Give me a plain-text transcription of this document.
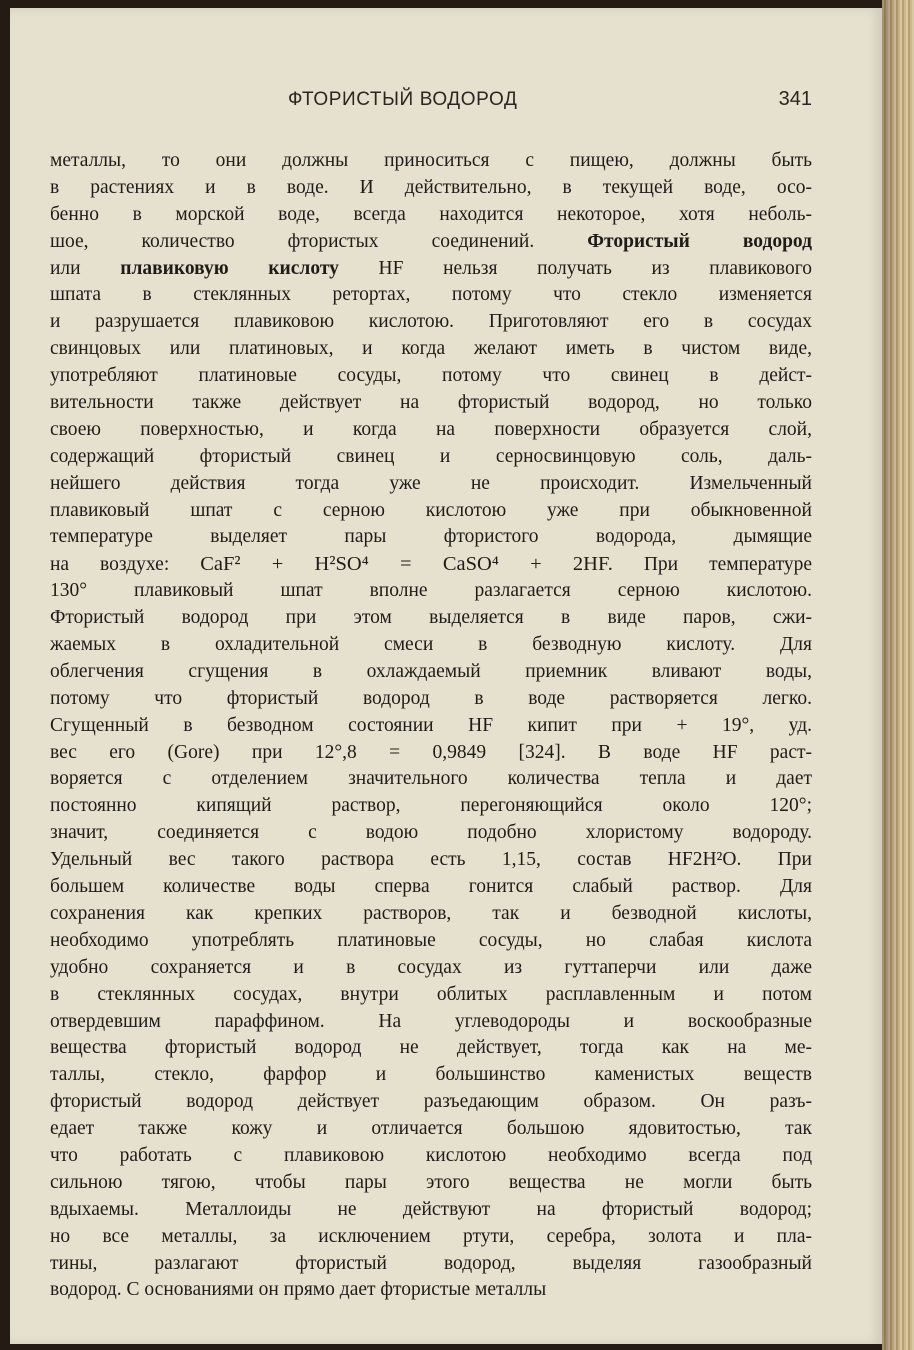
ФТОРИСТЫЙ ВОДОРОД	341
металлы, то они должны приноситься с пищею, должны быть
в растениях и в воде. И действительно, в текущей воде, осо-
бенно в морской воде, всегда находится некоторое, хотя неболь-
шое, количество фтористых соединений.	Фтористый водород
или плавиковую кислоту HF нельзя получать из плавикового
шпата в стеклянных ретортах, потому что стекло изменяется
и разрушается плавиковою кислотою. Приготовляют его в сосудах
свинцовых или платиновых, и когда желают иметь в чистом виде,
употребляют платиновые сосуды, потому что свинец в дейст-
вительности также действует на фтористый водород, но только
своею поверхностью, и когда на поверхности образуется слой,
содержащий фтористый свинец и серносвинцовую соль, даль-
нейшего действия тогда уже не происходит. Измельченный
плавиковый шпат с серною кислотою уже при обыкновенной
температуре выделяет пары фтористого водорода, дымящие
на воздухе: CaF² + H²SO⁴ = CaSO⁴ + 2HF. При температуре
130° плавиковый шпат вполне разлагается серною кислотою.
Фтористый водород при этом выделяется в виде паров, сжи-
жаемых в охладительной смеси в безводную кислоту. Для
облегчения сгущения в охлаждаемый приемник вливают воды,
потому что фтористый водород в воде растворяется легко.
Сгущенный в безводном состоянии HF кипит при + 19°, уд.
вес его (Gore) при 12°,8 = 0,9849 [324]. В воде HF раст-
воряется с отделением значительного количества тепла и дает
постоянно кипящий раствор, перегоняющийся около 120°;
значит, соединяется с водою подобно хлористому водороду.
Удельный вес такого раствора есть 1,15, состав HF2H²O. При
большем количестве воды сперва гонится слабый раствор. Для
сохранения как крепких растворов, так и безводной кислоты,
необходимо употреблять платиновые сосуды, но слабая кислота
удобно сохраняется и в сосудах из гуттаперчи или даже
в стеклянных сосудах, внутри облитых расплавленным и потом
отвердевшим параффином. На углеводороды и воскообразные
вещества фтористый водород не действует, тогда как на ме-
таллы, стекло, фарфор и большинство каменистых веществ
фтористый водород действует разъедающим образом. Он разъ-
едает также кожу и отличается большою ядовитостью, так
что работать с плавиковою кислотою необходимо всегда под
сильною тягою, чтобы пары этого вещества не могли быть
вдыхаемы. Металлоиды не действуют на фтористый водород;
но все металлы, за исключением ртути, серебра, золота и пла-
тины, разлагают фтористый водород, выделяя газообразный
водород. С основаниями он прямо дает фтористые металлы
